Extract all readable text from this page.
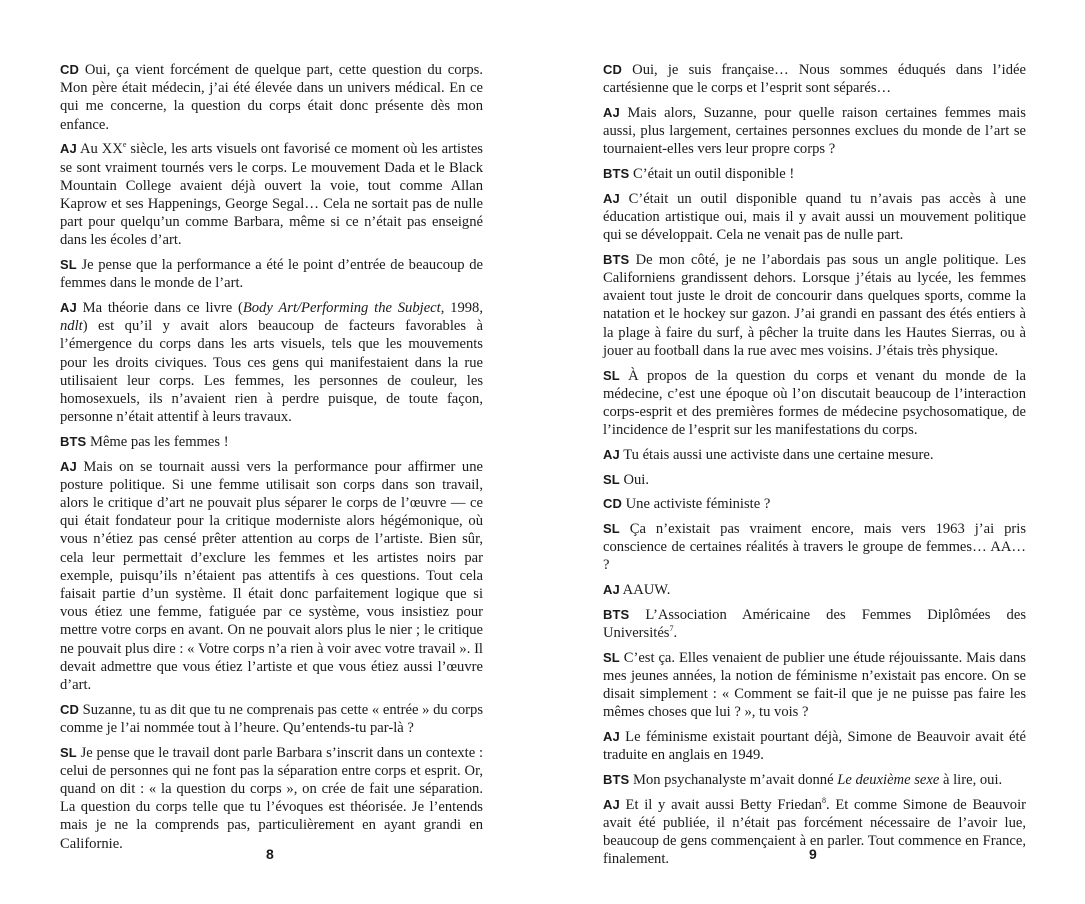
CD Oui, ça vient forcément de quelque part, cette question du corps. Mon père était médecin, j’ai été élevée dans un univers médical. En ce qui me concerne, la question du corps était donc présente dès mon enfance.

AJ Au XXe siècle, les arts visuels ont favorisé ce moment où les artistes se sont vraiment tournés vers le corps. Le mouvement Dada et le Black Mountain College avaient déjà ouvert la voie, tout comme Allan Kaprow et ses Happenings, George Segal… Cela ne sortait pas de nulle part pour quelqu’un comme Barbara, même si ce n’était pas enseigné dans les écoles d’art.

SL Je pense que la performance a été le point d’entrée de beaucoup de femmes dans le monde de l’art.

AJ Ma théorie dans ce livre (Body Art/Performing the Subject, 1998, ndlt) est qu’il y avait alors beaucoup de facteurs favorables à l’émergence du corps dans les arts visuels, tels que les mouvements pour les droits civiques. Tous ces gens qui manifestaient dans la rue utilisaient leur corps. Les femmes, les personnes de couleur, les homosexuels, ils n’avaient rien à perdre puisque, de toute façon, personne n’était attentif à leurs travaux.

BTS Même pas les femmes !

AJ Mais on se tournait aussi vers la performance pour affirmer une posture politique. Si une femme utilisait son corps dans son travail, alors le critique d’art ne pouvait plus séparer le corps de l’œuvre — ce qui était fondateur pour la critique moderniste alors hégémonique, où vous n’étiez pas censé prêter attention au corps de l’artiste. Bien sûr, cela leur permettait d’exclure les femmes et les artistes noirs par exemple, puisqu’ils n’étaient pas attentifs à ces questions. Tout cela faisait partie d’un système. Il était donc parfaitement logique que si vous étiez une femme, fatiguée par ce système, vous insistiez pour mettre votre corps en avant. On ne pouvait alors plus le nier ; le critique ne pouvait plus dire : « Votre corps n’a rien à voir avec votre travail ». Il devait admettre que vous étiez l’artiste et que vous étiez aussi l’œuvre d’art.

CD Suzanne, tu as dit que tu ne comprenais pas cette « entrée » du corps comme je l’ai nommée tout à l’heure. Qu’entends-tu par-là ?

SL Je pense que le travail dont parle Barbara s’inscrit dans un contexte : celui de personnes qui ne font pas la séparation entre corps et esprit. Or, quand on dit : « la question du corps », on crée de fait une séparation. La question du corps telle que tu l’évoques est théorisée. Je l’entends mais je ne la comprends pas, particulièrement en ayant grandi en Californie.

CD Oui, je suis française… Nous sommes éduqués dans l’idée cartésienne que le corps et l’esprit sont séparés…

AJ Mais alors, Suzanne, pour quelle raison certaines femmes mais aussi, plus largement, certaines personnes exclues du monde de l’art se tournaient-elles vers leur propre corps ?

BTS C’était un outil disponible !

AJ C’était un outil disponible quand tu n’avais pas accès à une éducation artistique oui, mais il y avait aussi un mouvement politique qui se développait. Cela ne venait pas de nulle part.

BTS De mon côté, je ne l’abordais pas sous un angle politique. Les Californiens grandissent dehors. Lorsque j’étais au lycée, les femmes avaient tout juste le droit de concourir dans quelques sports, comme la natation et le hockey sur gazon. J’ai grandi en passant des étés entiers à la plage à faire du surf, à pêcher la truite dans les Hautes Sierras, ou à jouer au football dans la rue avec mes voisins. J’étais très physique.

SL À propos de la question du corps et venant du monde de la médecine, c’est une époque où l’on discutait beaucoup de l’interaction corps-esprit et des premières formes de médecine psychosomatique, de l’incidence de l’esprit sur les manifestations du corps.

AJ Tu étais aussi une activiste dans une certaine mesure.

SL Oui.

CD Une activiste féministe ?

SL Ça n’existait pas vraiment encore, mais vers 1963 j’ai pris conscience de certaines réalités à travers le groupe de femmes… AA… ?

AJ AAUW.

BTS L’Association Américaine des Femmes Diplômées des Universités$^7$.

SL C’est ça. Elles venaient de publier une étude réjouissante. Mais dans mes jeunes années, la notion de féminisme n’existait pas encore. On se disait simplement : « Comment se fait-il que je ne puisse pas faire les mêmes choses que lui ? », tu vois ?

AJ Le féminisme existait pourtant déjà, Simone de Beauvoir avait été traduite en anglais en 1949.

BTS Mon psychanalyste m’avait donné Le deuxième sexe à lire, oui.

AJ Et il y avait aussi Betty Friedan$^8$. Et comme Simone de Beauvoir avait été publiée, il n’était pas forcément nécessaire de l’avoir lue, beaucoup de gens commençaient à en parler. Tout commence en France, finalement.

8	9
